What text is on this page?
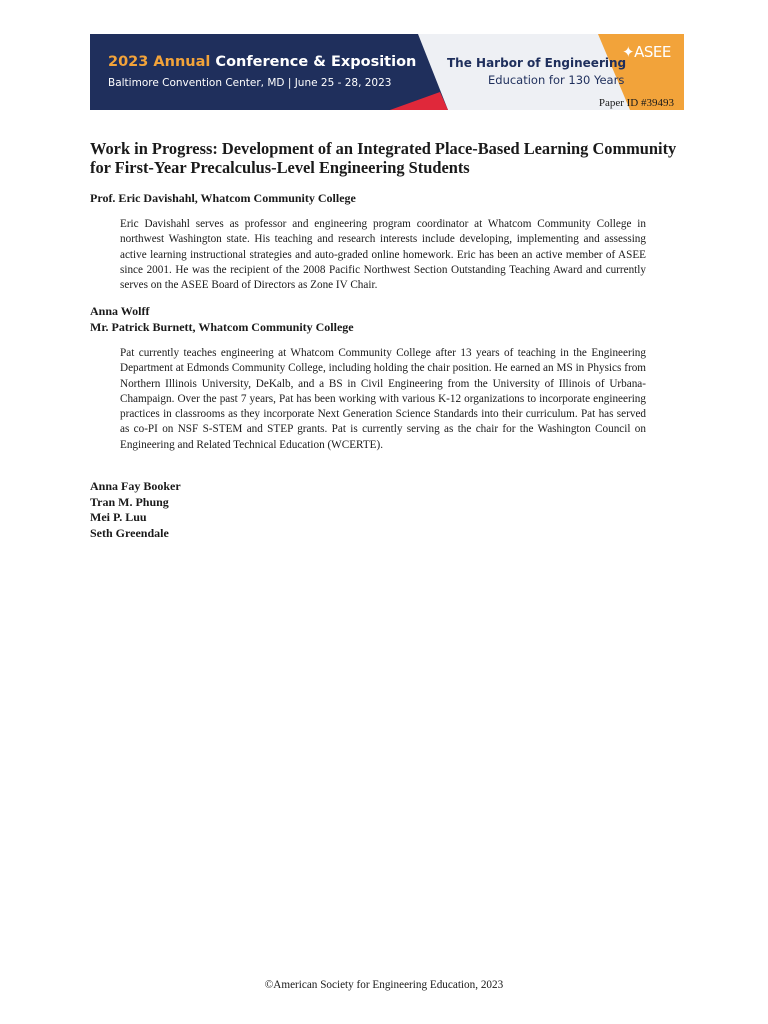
2023 Annual Conference & Exposition
Baltimore Convention Center, MD | June 25 - 28, 2023
The Harbor of Engineering
Education for 130 Years
✦ASEE
Paper ID #39493
Work in Progress: Development of an Integrated Place-Based Learning Community for First-Year Precalculus-Level Engineering Students

Prof. Eric Davishahl, Whatcom Community College

Eric Davishahl serves as professor and engineering program coordinator at Whatcom Community College in northwest Washington state. His teaching and research interests include developing, implementing and assessing active learning instructional strategies and auto-graded online homework. Eric has been an active member of ASEE since 2001. He was the recipient of the 2008 Pacific Northwest Section Outstanding Teaching Award and currently serves on the ASEE Board of Directors as Zone IV Chair.

Anna Wolff

Mr. Patrick Burnett, Whatcom Community College

Pat currently teaches engineering at Whatcom Community College after 13 years of teaching in the Engineering Department at Edmonds Community College, including holding the chair position. He earned an MS in Physics from Northern Illinois University, DeKalb, and a BS in Civil Engineering from the University of Illinois of Urbana-Champaign. Over the past 7 years, Pat has been working with various K-12 organizations to incorporate engineering practices in classrooms as they incorporate Next Generation Science Standards into their curriculum. Pat has served as co-PI on NSF S-STEM and STEP grants. Pat is currently serving as the chair for the Washington Council on Engineering and Related Technical Education (WCERTE).

Anna Fay Booker

Tran M. Phung

Mei P. Luu

Seth Greendale

©American Society for Engineering Education, 2023
